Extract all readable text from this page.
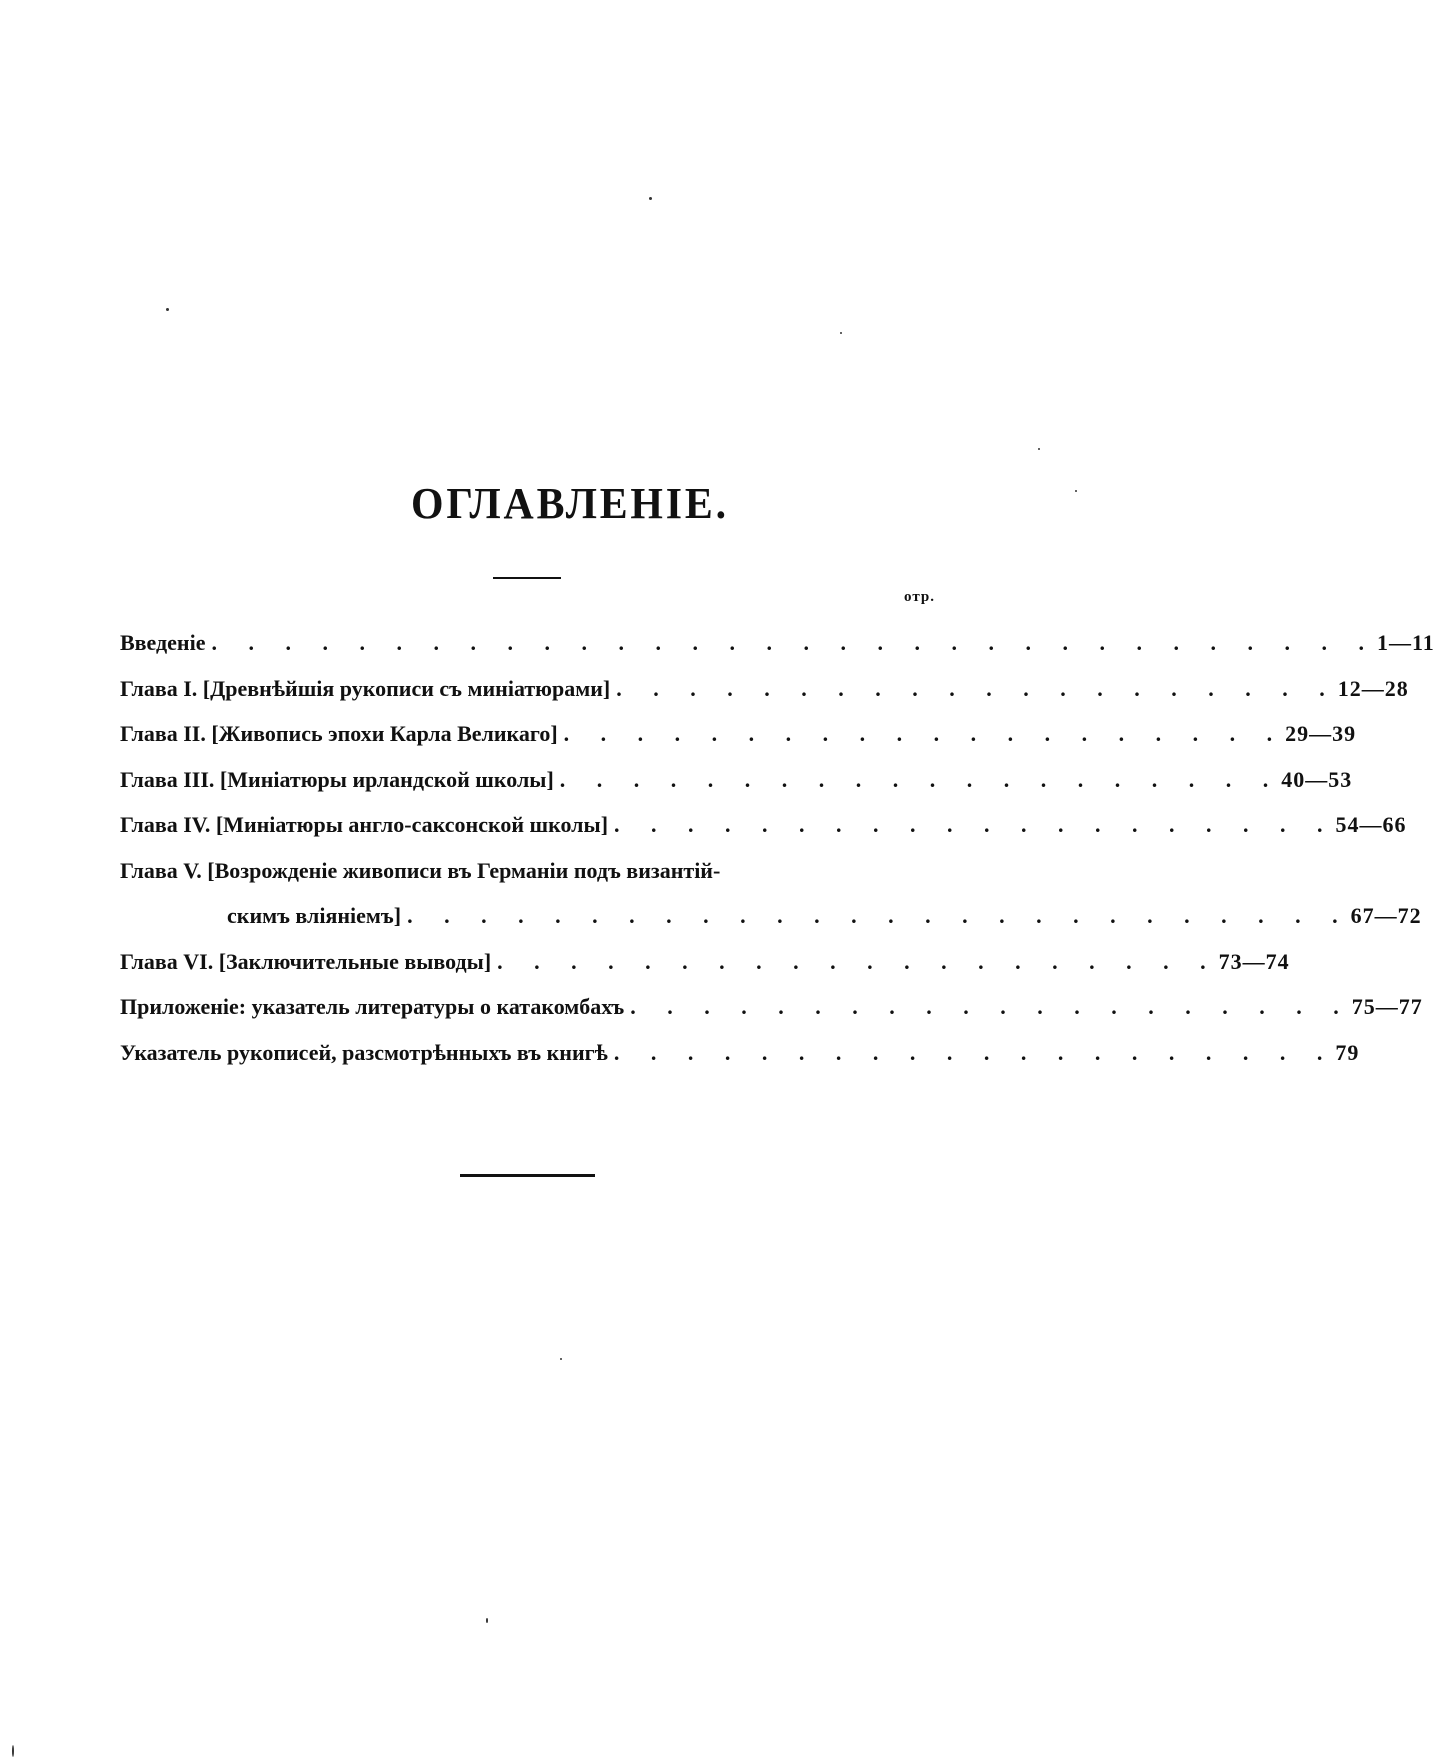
ОГЛАВЛЕНIЕ.
отр.
Введенiе . . . . . . . . . . . . . . . . . . . . . . . . . . . . . . . . 1—11
Глава I. [Древнѣйшiя рукописи съ миніатюрами] . . . . . . . . . . . . . . . . . . . . 12—28
Глава II. [Живопись эпохи Карла Великаго] . . . . . . . . . . . . . . . . . . . . 29—39
Глава III. [Миніатюры ирландской школы] . . . . . . . . . . . . . . . . . . . . 40—53
Глава IV. [Миніатюры англо-саксонской школы] . . . . . . . . . . . . . . . . . . . . 54—66
Глава V. [Возрожденiе живописи въ Германiи подъ византiй-
скимъ влiянiемъ] . . . . . . . . . . . . . . . . . . . . . . . . . . 67—72
Глава VI. [Заключительные выводы] . . . . . . . . . . . . . . . . . . . . 73—74
Приложенiе: указатель литературы о катакомбахъ . . . . . . . . . . . . . . . . . . . . 75—77
Указатель рукописей, разсмотрѣнныхъ въ книгѣ . . . . . . . . . . . . . . . . . . . . 79
